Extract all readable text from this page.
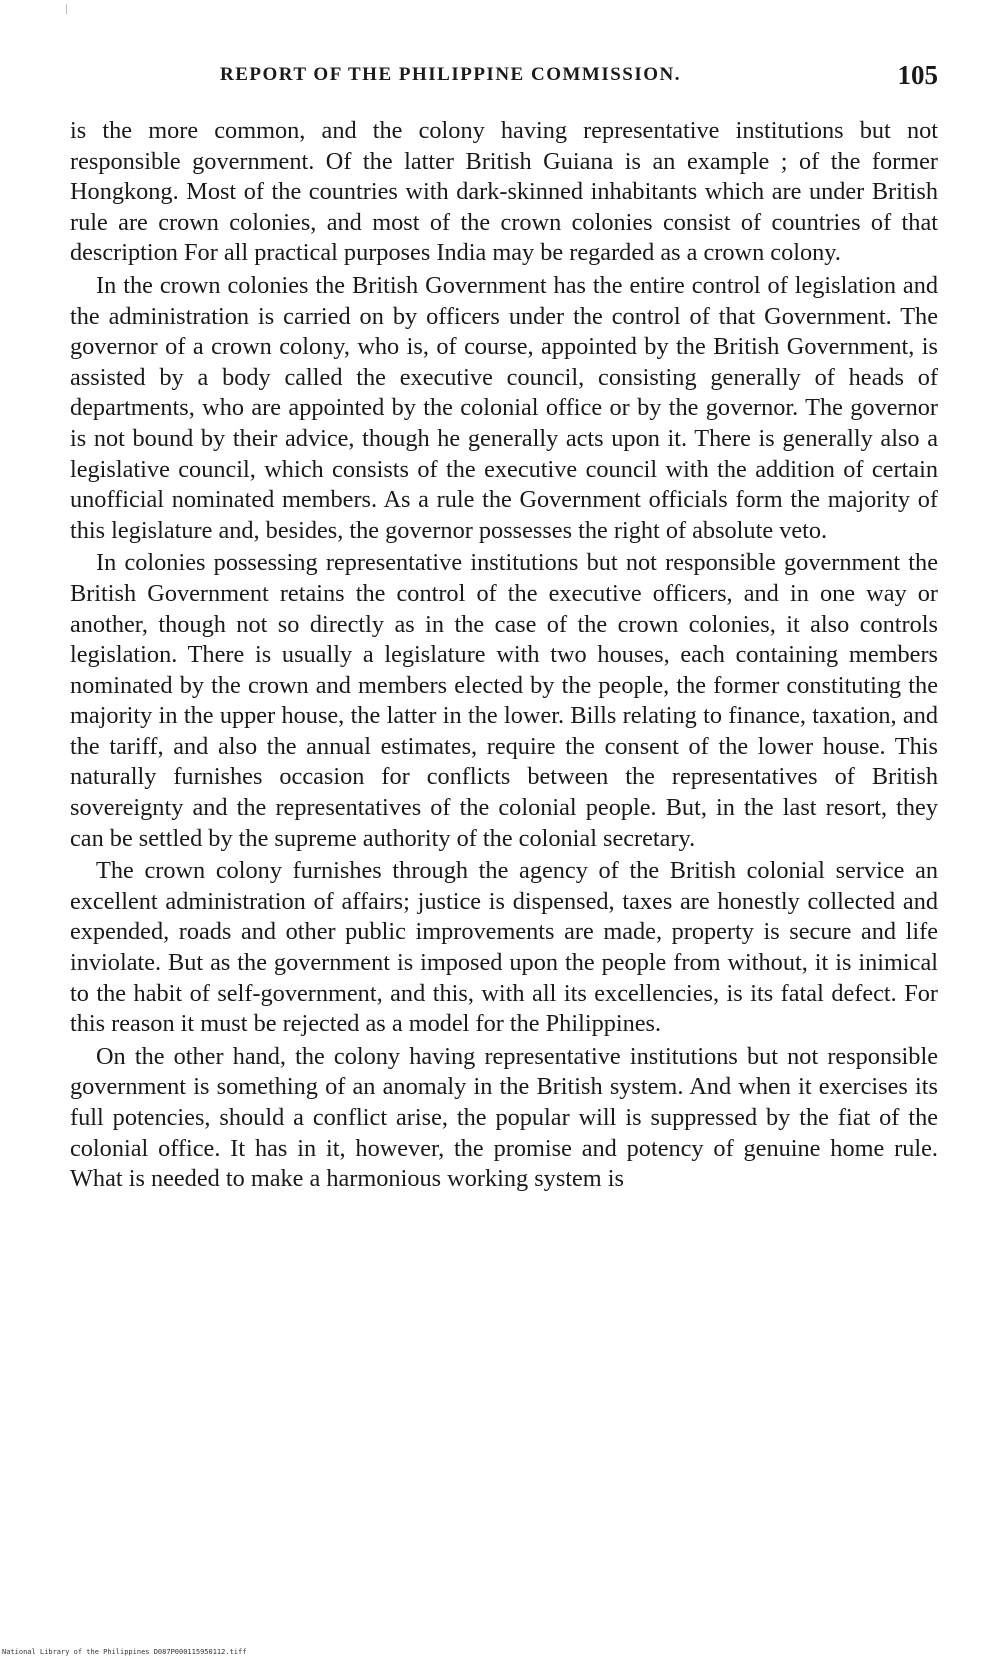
REPORT OF THE PHILIPPINE COMMISSION.	105

is the more common, and the colony having representative institutions but not responsible government. Of the latter British Guiana is an example ; of the former Hongkong. Most of the countries with dark-skinned inhabitants which are under British rule are crown colonies, and most of the crown colonies consist of countries of that description For all practical purposes India may be regarded as a crown colony.

In the crown colonies the British Government has the entire control of legislation and the administration is carried on by officers under the control of that Government. The governor of a crown colony, who is, of course, appointed by the British Government, is assisted by a body called the executive council, consisting generally of heads of departments, who are appointed by the colonial office or by the governor. The governor is not bound by their advice, though he generally acts upon it. There is generally also a legislative council, which consists of the executive council with the addition of certain unofficial nominated members. As a rule the Government officials form the majority of this legislature and, besides, the governor possesses the right of absolute veto.

In colonies possessing representative institutions but not responsible government the British Government retains the control of the executive officers, and in one way or another, though not so directly as in the case of the crown colonies, it also controls legislation. There is usually a legislature with two houses, each containing members nominated by the crown and members elected by the people, the former constituting the majority in the upper house, the latter in the lower. Bills relating to finance, taxation, and the tariff, and also the annual estimates, require the consent of the lower house. This naturally furnishes occasion for conflicts between the representatives of British sovereignty and the representatives of the colonial people. But, in the last resort, they can be settled by the supreme authority of the colonial secretary.

The crown colony furnishes through the agency of the British colonial service an excellent administration of affairs; justice is dispensed, taxes are honestly collected and expended, roads and other public improvements are made, property is secure and life inviolate. But as the government is imposed upon the people from without, it is inimical to the habit of self-government, and this, with all its excellencies, is its fatal defect. For this reason it must be rejected as a model for the Philippines.

On the other hand, the colony having representative institutions but not responsible government is something of an anomaly in the British system. And when it exercises its full potencies, should a conflict arise, the popular will is suppressed by the fiat of the colonial office. It has in it, however, the promise and potency of genuine home rule. What is needed to make a harmonious working system is

National Library of the Philippines D087P000115950112.tiff
